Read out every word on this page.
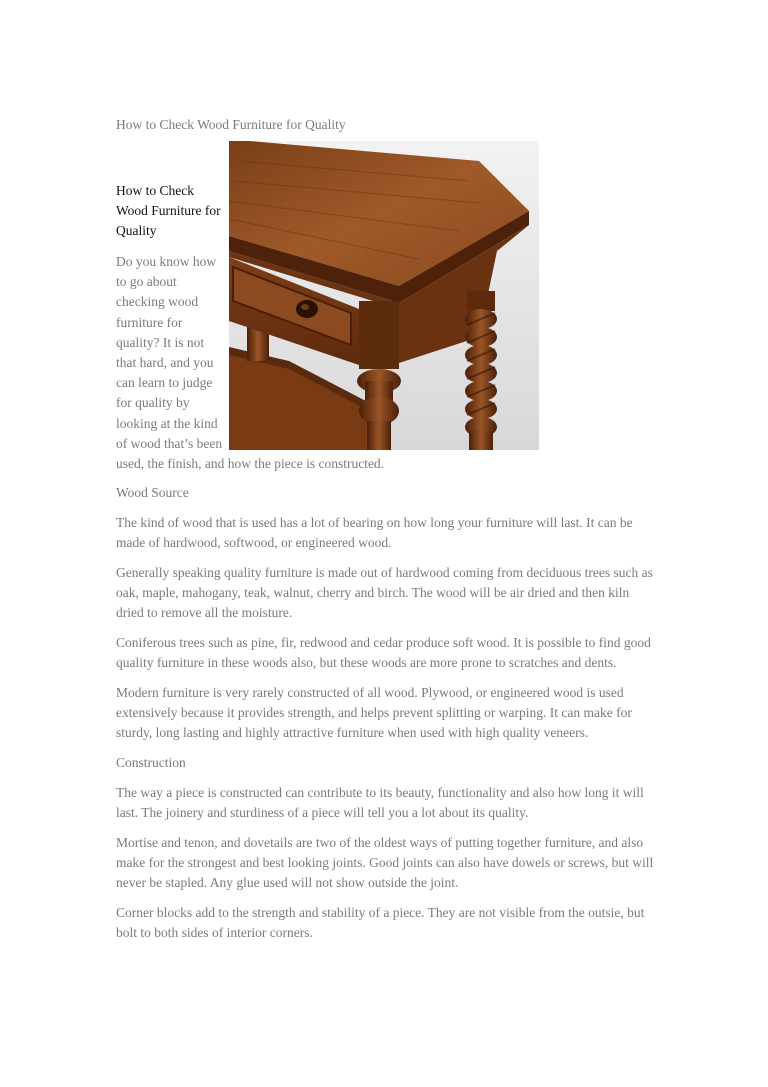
How to Check Wood Furniture for Quality

How to Check
Wood Furniture for
Quality

Do you know how
to go about
checking wood
furniture for
quality? It is not
that hard, and you
can learn to judge
for quality by
looking at the kind
of wood that’s been
used, the finish, and how the piece is constructed.

Wood Source

The kind of wood that is used has a lot of bearing on how long your furniture will last. It can be made of hardwood, softwood, or engineered wood.

Generally speaking quality furniture is made out of hardwood coming from deciduous trees such as oak, maple, mahogany, teak, walnut, cherry and birch. The wood will be air dried and then kiln dried to remove all the moisture.

Coniferous trees such as pine, fir, redwood and cedar produce soft wood. It is possible to find good quality furniture in these woods also, but these woods are more prone to scratches and dents.

Modern furniture is very rarely constructed of all wood. Plywood, or engineered wood is used extensively because it provides strength, and helps prevent splitting or warping. It can make for sturdy, long lasting and highly attractive furniture when used with high quality veneers.

Construction

The way a piece is constructed can contribute to its beauty, functionality and also how long it will last. The joinery and sturdiness of a piece will tell you a lot about its quality.

Mortise and tenon, and dovetails are two of the oldest ways of putting together furniture, and also make for the strongest and best looking joints. Good joints can also have dowels or screws, but will never be stapled. Any glue used will not show outside the joint.

Corner blocks add to the strength and stability of a piece. They are not visible from the outsie, but bolt to both sides of interior corners.
